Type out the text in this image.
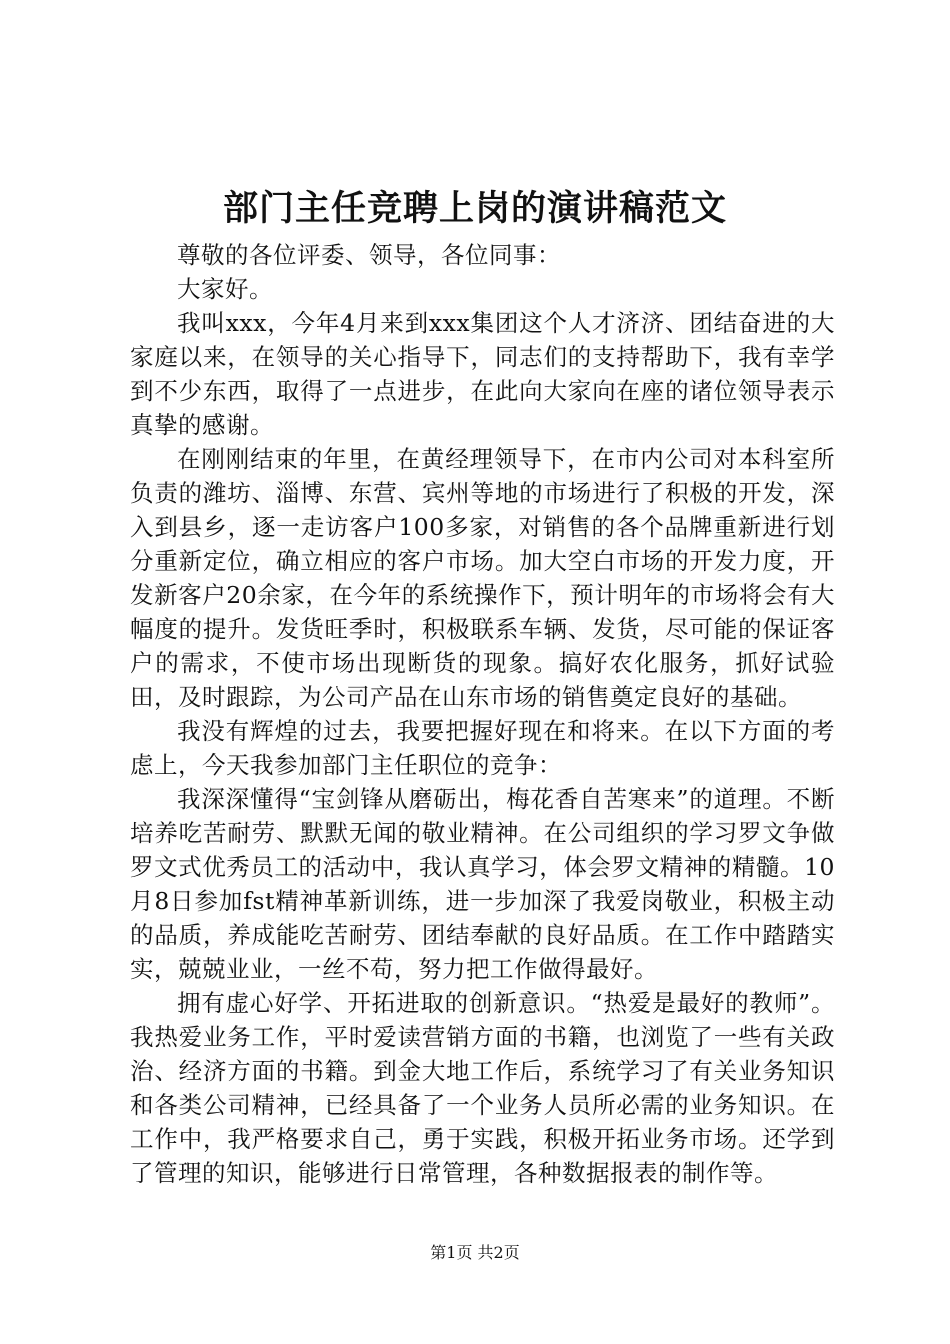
部门主任竞聘上岗的演讲稿范文

尊敬的各位评委、领导，各位同事：

大家好。

我叫xxx，今年4月来到xxx集团这个人才济济、团结奋进的大家庭以来，在领导的关心指导下，同志们的支持帮助下，我有幸学到不少东西，取得了一点进步，在此向大家向在座的诸位领导表示真挚的感谢。

在刚刚结束的年里，在黄经理领导下，在市内公司对本科室所负责的潍坊、淄博、东营、宾州等地的市场进行了积极的开发，深入到县乡，逐一走访客户100多家，对销售的各个品牌重新进行划分重新定位，确立相应的客户市场。加大空白市场的开发力度，开发新客户20余家，在今年的系统操作下，预计明年的市场将会有大幅度的提升。发货旺季时，积极联系车辆、发货，尽可能的保证客户的需求，不使市场出现断货的现象。搞好农化服务，抓好试验田，及时跟踪，为公司产品在山东市场的销售奠定良好的基础。

我没有辉煌的过去，我要把握好现在和将来。在以下方面的考虑上，今天我参加部门主任职位的竞争：

我深深懂得“宝剑锋从磨砺出，梅花香自苦寒来”的道理。不断培养吃苦耐劳、默默无闻的敬业精神。在公司组织的学习罗文争做罗文式优秀员工的活动中，我认真学习，体会罗文精神的精髓。10月8日参加fst精神革新训练，进一步加深了我爱岗敬业，积极主动的品质，养成能吃苦耐劳、团结奉献的良好品质。在工作中踏踏实实，兢兢业业，一丝不苟，努力把工作做得最好。

拥有虚心好学、开拓进取的创新意识。“热爱是最好的教师”。我热爱业务工作，平时爱读营销方面的书籍，也浏览了一些有关政治、经济方面的书籍。到金大地工作后，系统学习了有关业务知识和各类公司精神，已经具备了一个业务人员所必需的业务知识。在工作中，我严格要求自己，勇于实践，积极开拓业务市场。还学到了管理的知识，能够进行日常管理，各种数据报表的制作等。

第1页 共2页
